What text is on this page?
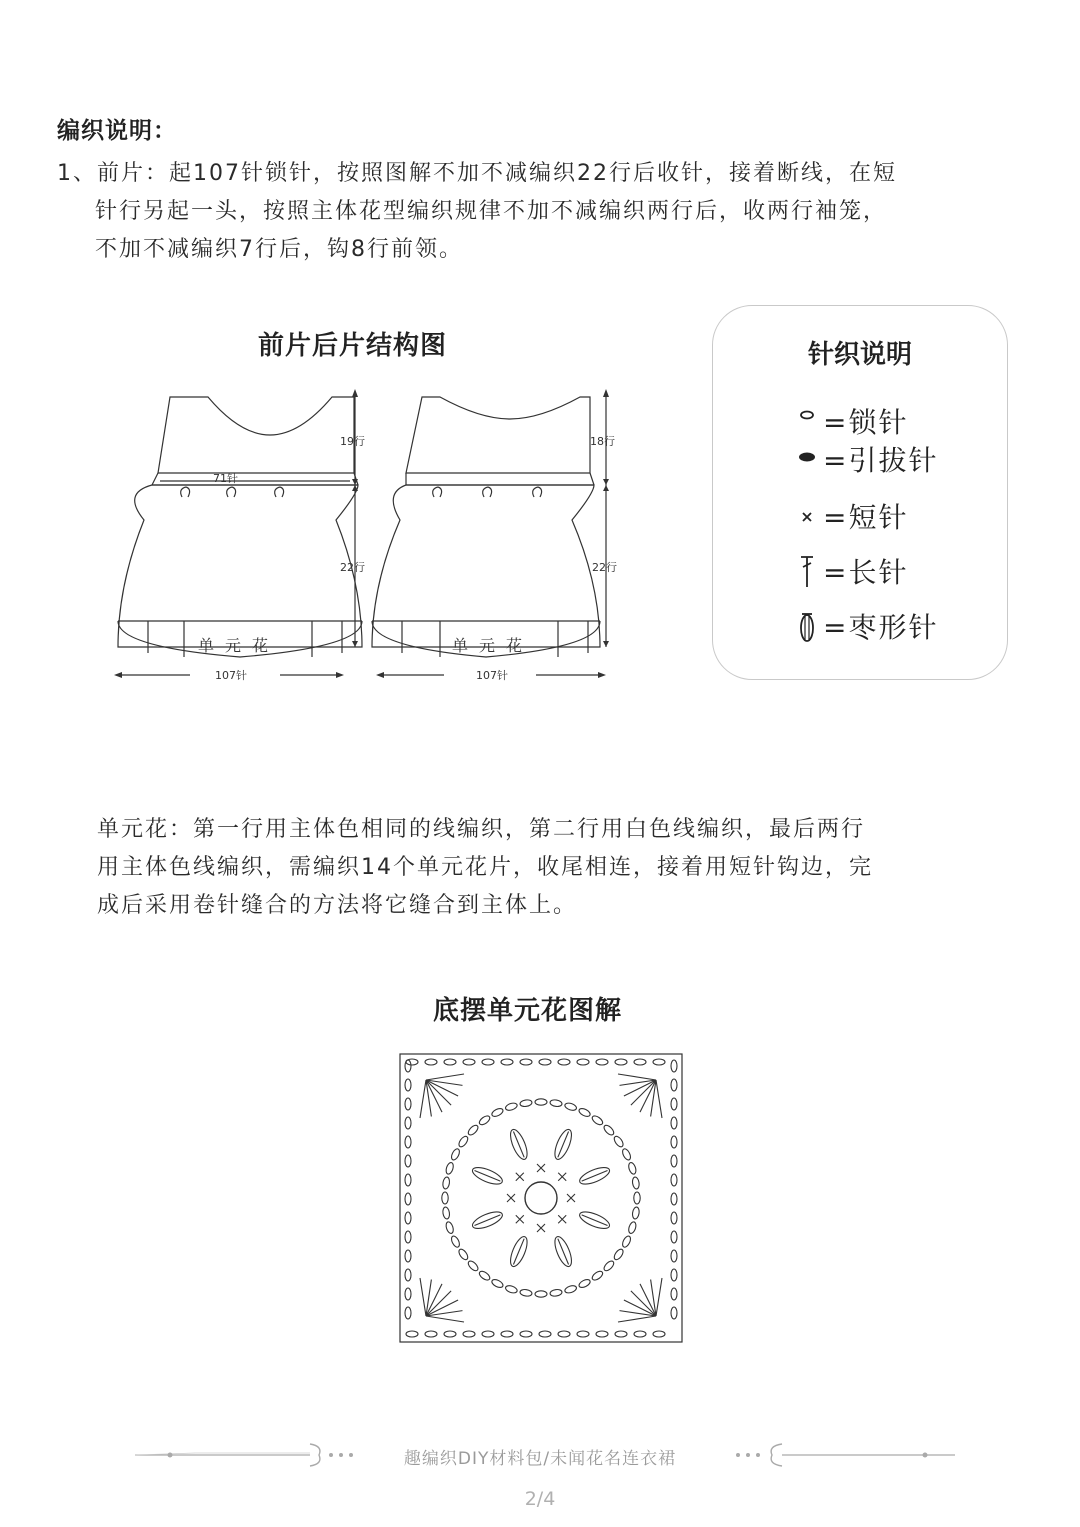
编织说明：
1、前片：起107针锁针，按照图解不加不减编织22行后收针，接着断线，在短
针行另起一头，按照主体花型编织规律不加不减编织两行后，收两行袖笼，
不加不减编织7行后，钩8行前领。
前片后片结构图
71针
19行
22行
107针
18行
22行
107针
单 元 花	单 元 花
针织说明
=锁针
=引拔针
=短针
=长针
=枣形针
单元花：第一行用主体色相同的线编织，第二行用白色线编织，最后两行
用主体色线编织，需编织14个单元花片，收尾相连，接着用短针钩边，完
成后采用卷针缝合的方法将它缝合到主体上。
底摆单元花图解
趣编织DIY材料包/未闻花名连衣裙
2/4
